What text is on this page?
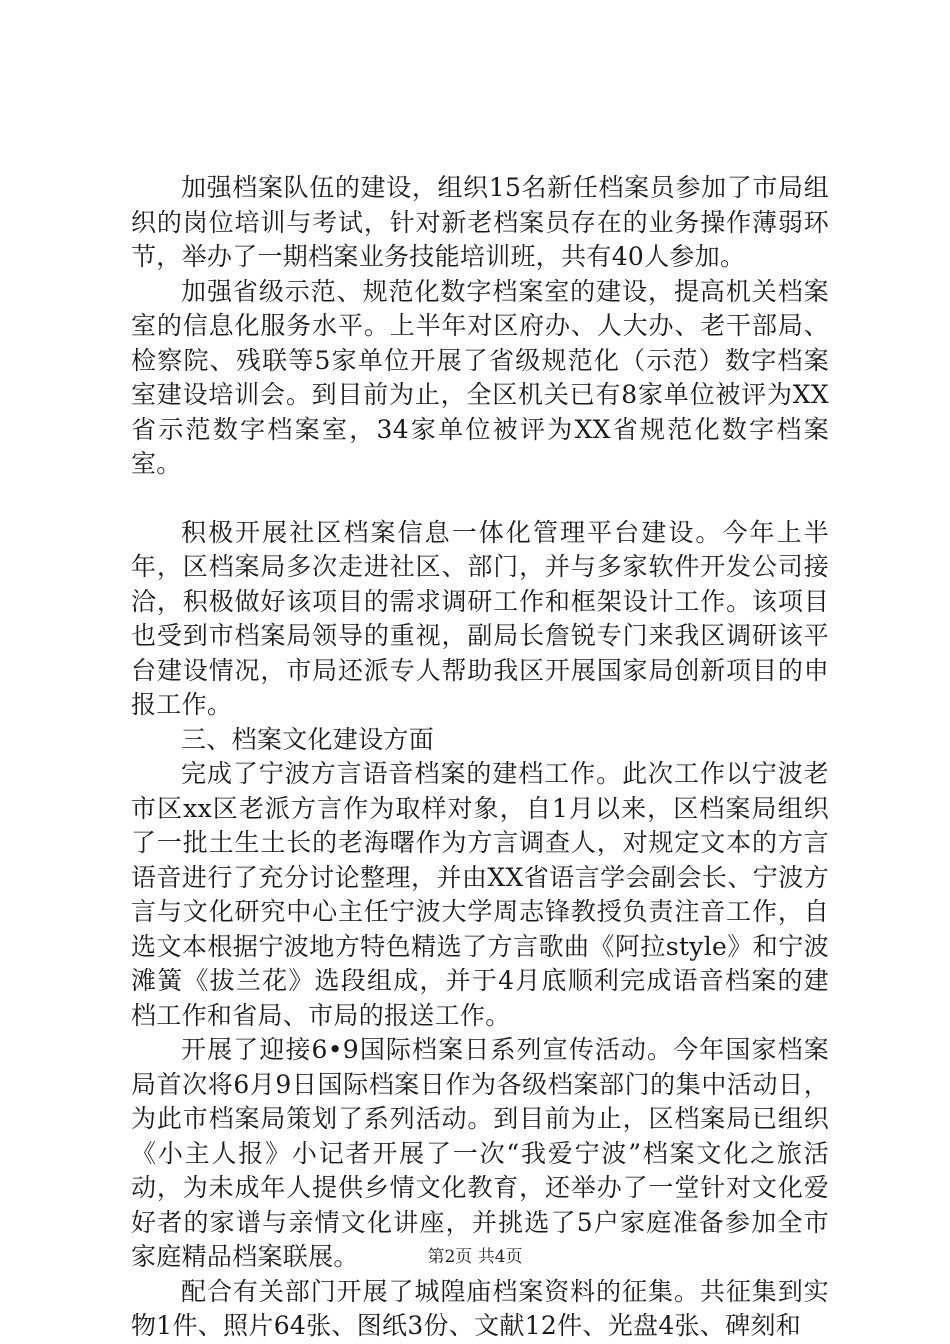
加强档案队伍的建设，组织15名新任档案员参加了市局组织的岗位培训与考试，针对新老档案员存在的业务操作薄弱环节，举办了一期档案业务技能培训班，共有40人参加。

加强省级示范、规范化数字档案室的建设，提高机关档案室的信息化服务水平。上半年对区府办、人大办、老干部局、检察院、残联等5家单位开展了省级规范化（示范）数字档案室建设培训会。到目前为止，全区机关已有8家单位被评为XX省示范数字档案室，34家单位被评为XX省规范化数字档案室。

积极开展社区档案信息一体化管理平台建设。今年上半年，区档案局多次走进社区、部门，并与多家软件开发公司接洽，积极做好该项目的需求调研工作和框架设计工作。该项目也受到市档案局领导的重视，副局长詹锐专门来我区调研该平台建设情况，市局还派专人帮助我区开展国家局创新项目的申报工作。

三、档案文化建设方面

完成了宁波方言语音档案的建档工作。此次工作以宁波老市区xx区老派方言作为取样对象，自1月以来，区档案局组织了一批土生土长的老海曙作为方言调查人，对规定文本的方言语音进行了充分讨论整理，并由XX省语言学会副会长、宁波方言与文化研究中心主任宁波大学周志锋教授负责注音工作，自选文本根据宁波地方特色精选了方言歌曲《阿拉style》和宁波滩簧《拔兰花》选段组成，并于4月底顺利完成语音档案的建档工作和省局、市局的报送工作。

开展了迎接6•9国际档案日系列宣传活动。今年国家档案局首次将6月9日国际档案日作为各级档案部门的集中活动日，为此市档案局策划了系列活动。到目前为止，区档案局已组织《小主人报》小记者开展了一次“我爱宁波”档案文化之旅活动，为未成年人提供乡情文化教育，还举办了一堂针对文化爱好者的家谱与亲情文化讲座，并挑选了5户家庭准备参加全市家庭精品档案联展。

配合有关部门开展了城隍庙档案资料的征集。共征集到实物1件、照片64张、图纸3份、文献12件、光盘4张、碑刻和

第2页 共4页
